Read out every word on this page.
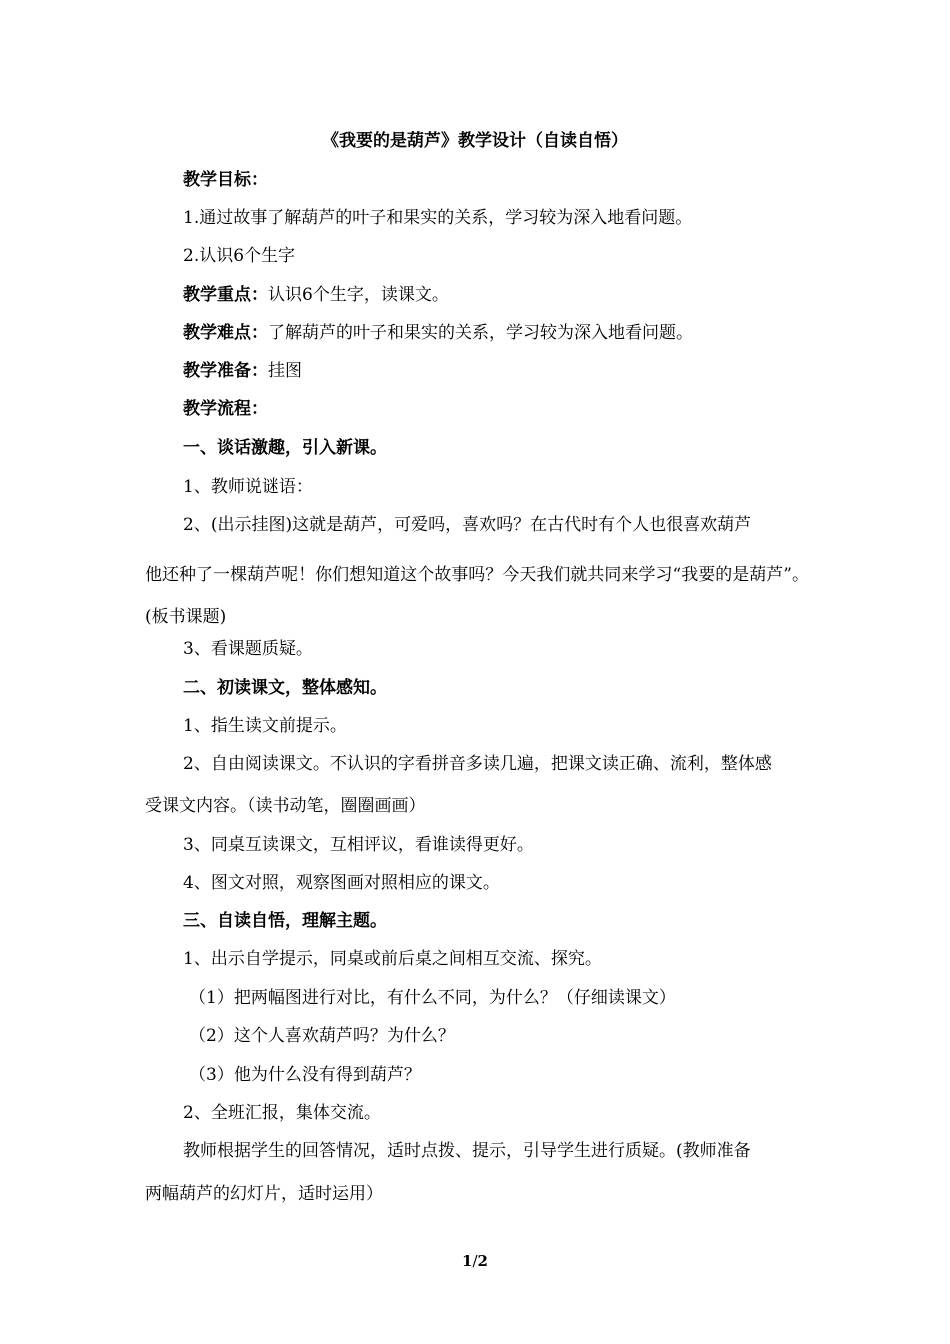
《我要的是葫芦》教学设计（自读自悟）
教学目标：
1.通过故事了解葫芦的叶子和果实的关系，学习较为深入地看问题。
2.认识6个生字
教学重点：认识6个生字，读课文。
教学难点：了解葫芦的叶子和果实的关系，学习较为深入地看问题。
教学准备：挂图
教学流程：
一、谈话激趣，引入新课。
1、教师说谜语：
2、(出示挂图)这就是葫芦，可爱吗，喜欢吗？在古代时有个人也很喜欢葫芦
他还种了一棵葫芦呢！你们想知道这个故事吗？今天我们就共同来学习“我要的是葫芦”。(板书课题)
3、看课题质疑。
二、初读课文，整体感知。
1、指生读文前提示。
2、自由阅读课文。不认识的字看拼音多读几遍，把课文读正确、流利，整体感
受课文内容。（读书动笔，圈圈画画）
3、同桌互读课文，互相评议，看谁读得更好。
4、图文对照，观察图画对照相应的课文。
三、自读自悟，理解主题。
1、出示自学提示，同桌或前后桌之间相互交流、探究。
（1）把两幅图进行对比，有什么不同，为什么？（仔细读课文）
（2）这个人喜欢葫芦吗？为什么？
（3）他为什么没有得到葫芦？
2、全班汇报，集体交流。
教师根据学生的回答情况，适时点拨、提示，引导学生进行质疑。(教师准备
两幅葫芦的幻灯片，适时运用）
1/2
